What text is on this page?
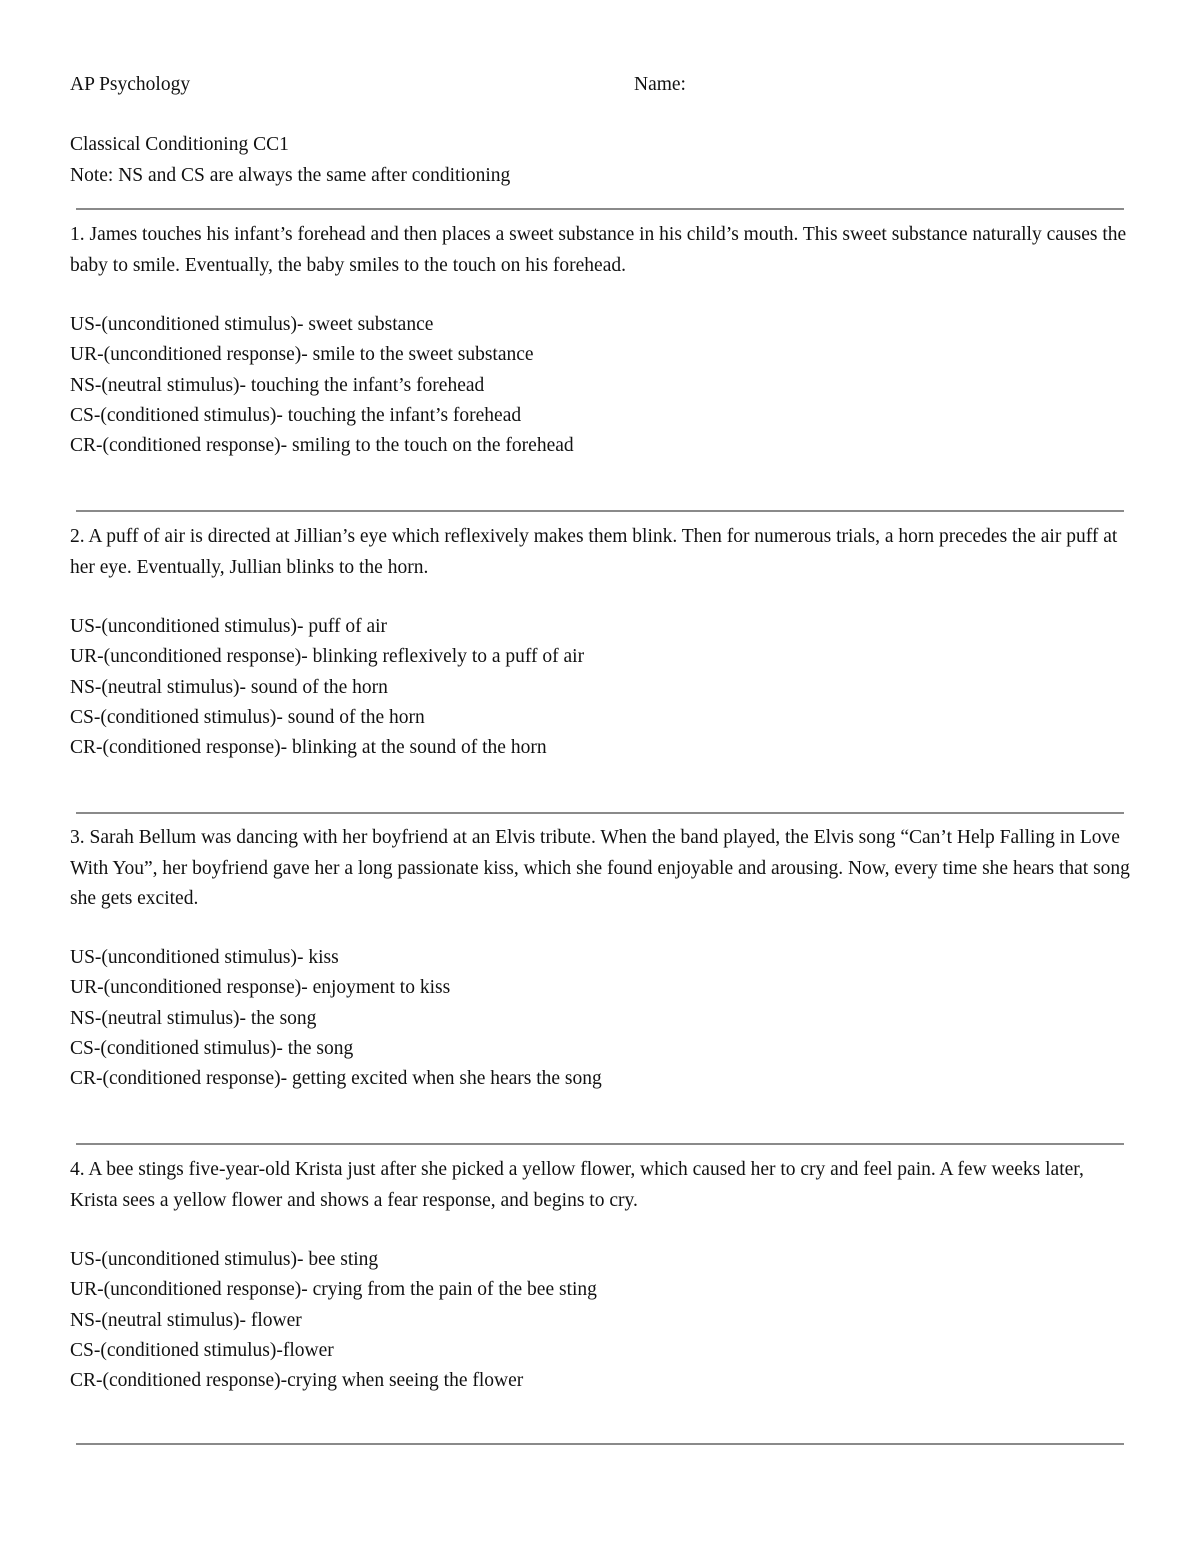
AP Psychology	Name:
Classical Conditioning CC1
Note: NS and CS are always the same after conditioning
1. James touches his infant’s forehead and then places a sweet substance in his child’s mouth. This sweet substance naturally causes the baby to smile. Eventually, the baby smiles to the touch on his forehead.
US-(unconditioned stimulus)- sweet substance
UR-(unconditioned response)- smile to the sweet substance
NS-(neutral stimulus)- touching the infant’s forehead
CS-(conditioned stimulus)- touching the infant’s forehead
CR-(conditioned response)- smiling to the touch on the forehead
2. A puff of air is directed at Jillian’s eye which reflexively makes them blink. Then for numerous trials, a horn precedes the air puff at her eye. Eventually, Jullian blinks to the horn.
US-(unconditioned stimulus)- puff of air
UR-(unconditioned response)- blinking reflexively to a puff of air
NS-(neutral stimulus)- sound of the horn
CS-(conditioned stimulus)- sound of the horn
CR-(conditioned response)- blinking at the sound of the horn
3. Sarah Bellum was dancing with her boyfriend at an Elvis tribute. When the band played, the Elvis song “Can’t Help Falling in Love With You”, her boyfriend gave her a long passionate kiss, which she found enjoyable and arousing. Now, every time she hears that song she gets excited.
US-(unconditioned stimulus)- kiss
UR-(unconditioned response)- enjoyment to kiss
NS-(neutral stimulus)- the song
CS-(conditioned stimulus)- the song
CR-(conditioned response)- getting excited when she hears the song
4. A bee stings five-year-old Krista just after she picked a yellow flower, which caused her to cry and feel pain. A few weeks later, Krista sees a yellow flower and shows a fear response, and begins to cry.
US-(unconditioned stimulus)- bee sting
UR-(unconditioned response)- crying from the pain of the bee sting
NS-(neutral stimulus)- flower
CS-(conditioned stimulus)-flower
CR-(conditioned response)-crying when seeing the flower
